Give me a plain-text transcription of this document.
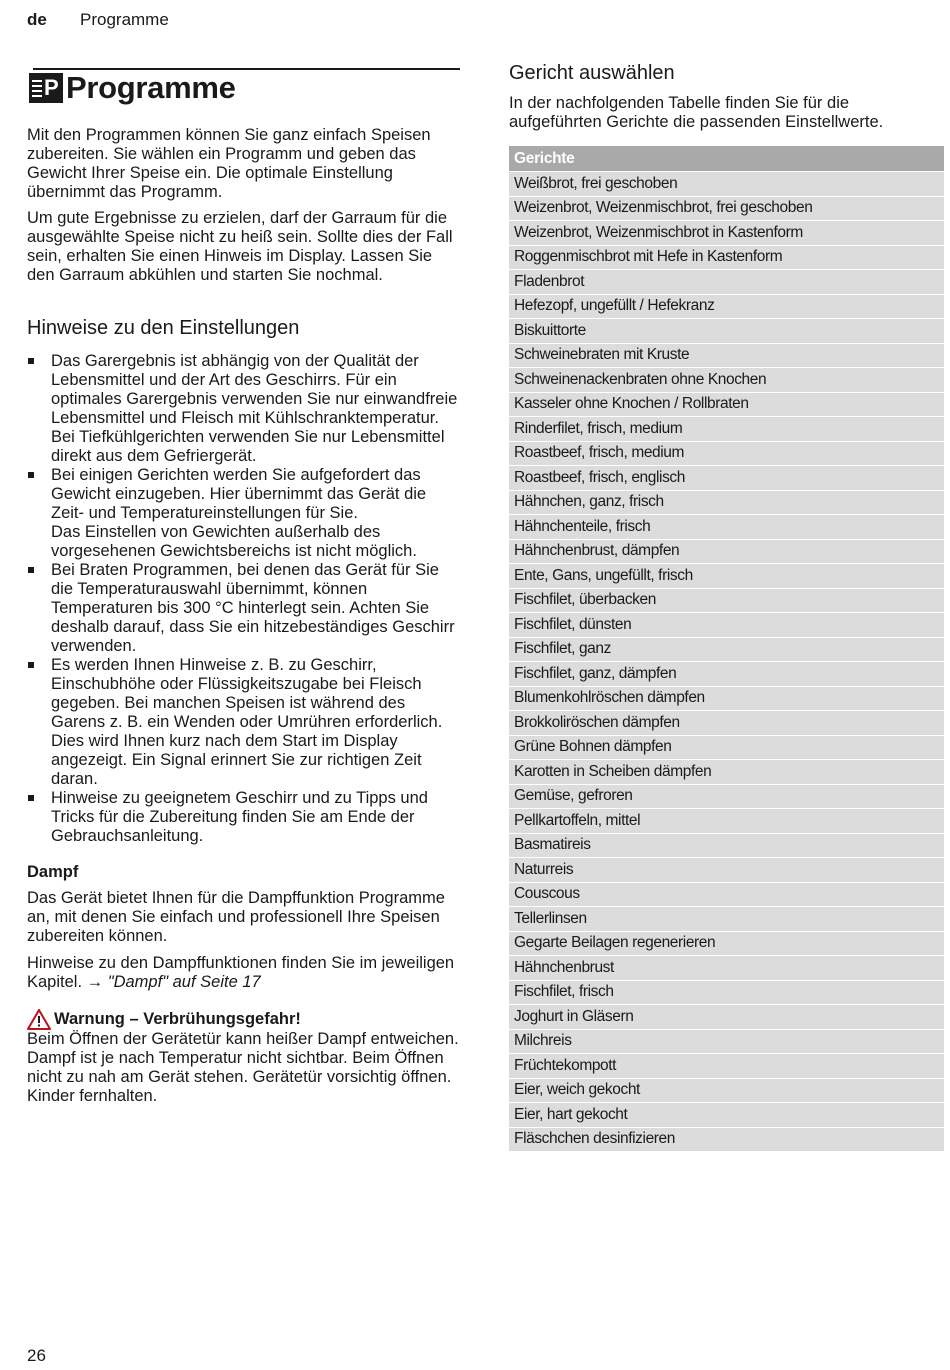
de Programme
P Programme

Mit den Programmen können Sie ganz einfach Speisen zubereiten. Sie wählen ein Programm und geben das Gewicht Ihrer Speise ein. Die optimale Einstellung übernimmt das Programm.

Um gute Ergebnisse zu erzielen, darf der Garraum für die ausgewählte Speise nicht zu heiß sein. Sollte dies der Fall sein, erhalten Sie einen Hinweis im Display. Lassen Sie den Garraum abkühlen und starten Sie nochmal.

Hinweise zu den Einstellungen
Das Garergebnis ist abhängig von der Qualität der Lebensmittel und der Art des Geschirrs. Für ein optimales Garergebnis verwenden Sie nur einwandfreie Lebensmittel und Fleisch mit Kühlschranktemperatur. Bei Tiefkühlgerichten verwenden Sie nur Lebensmittel direkt aus dem Gefriergerät.
Bei einigen Gerichten werden Sie aufgefordert das Gewicht einzugeben. Hier übernimmt das Gerät die Zeit- und Temperatureinstellungen für Sie.
Das Einstellen von Gewichten außerhalb des vorgesehenen Gewichtsbereichs ist nicht möglich.
Bei Braten Programmen, bei denen das Gerät für Sie die Temperaturauswahl übernimmt, können Temperaturen bis 300 °C hinterlegt sein. Achten Sie deshalb darauf, dass Sie ein hitzebeständiges Geschirr verwenden.
Es werden Ihnen Hinweise z. B. zu Geschirr, Einschubhöhe oder Flüssigkeitszugabe bei Fleisch gegeben. Bei manchen Speisen ist während des Garens z. B. ein Wenden oder Umrühren erforderlich. Dies wird Ihnen kurz nach dem Start im Display angezeigt. Ein Signal erinnert Sie zur richtigen Zeit daran.
Hinweise zu geeignetem Geschirr und zu Tipps und Tricks für die Zubereitung finden Sie am Ende der Gebrauchsanleitung.
Dampf

Das Gerät bietet Ihnen für die Dampffunktion Programme an, mit denen Sie einfach und professionell Ihre Speisen zubereiten können.

Hinweise zu den Dampffunktionen finden Sie im jeweiligen Kapitel. → "Dampf" auf Seite 17

Warnung – Verbrühungsgefahr!

Beim Öffnen der Gerätetür kann heißer Dampf entweichen. Dampf ist je nach Temperatur nicht sichtbar. Beim Öffnen nicht zu nah am Gerät stehen. Gerätetür vorsichtig öffnen. Kinder fernhalten.

Gericht auswählen

In der nachfolgenden Tabelle finden Sie für die aufgeführten Gerichte die passenden Einstellwerte.

Gerichte
Weißbrot, frei geschoben
Weizenbrot, Weizenmischbrot, frei geschoben
Weizenbrot, Weizenmischbrot in Kastenform
Roggenmischbrot mit Hefe in Kastenform
Fladenbrot
Hefezopf, ungefüllt / Hefekranz
Biskuittorte
Schweinebraten mit Kruste
Schweinenackenbraten ohne Knochen
Kasseler ohne Knochen / Rollbraten
Rinderfilet, frisch, medium
Roastbeef, frisch, medium
Roastbeef, frisch, englisch
Hähnchen, ganz, frisch
Hähnchenteile, frisch
Hähnchenbrust, dämpfen
Ente, Gans, ungefüllt, frisch
Fischfilet, überbacken
Fischfilet, dünsten
Fischfilet, ganz
Fischfilet, ganz, dämpfen
Blumenkohlröschen dämpfen
Brokkoliröschen dämpfen
Grüne Bohnen dämpfen
Karotten in Scheiben dämpfen
Gemüse, gefroren
Pellkartoffeln, mittel
Basmatireis
Naturreis
Couscous
Tellerlinsen
Gegarte Beilagen regenerieren
Hähnchenbrust
Fischfilet, frisch
Joghurt in Gläsern
Milchreis
Früchtekompott
Eier, weich gekocht
Eier, hart gekocht
Fläschchen desinfizieren
26
